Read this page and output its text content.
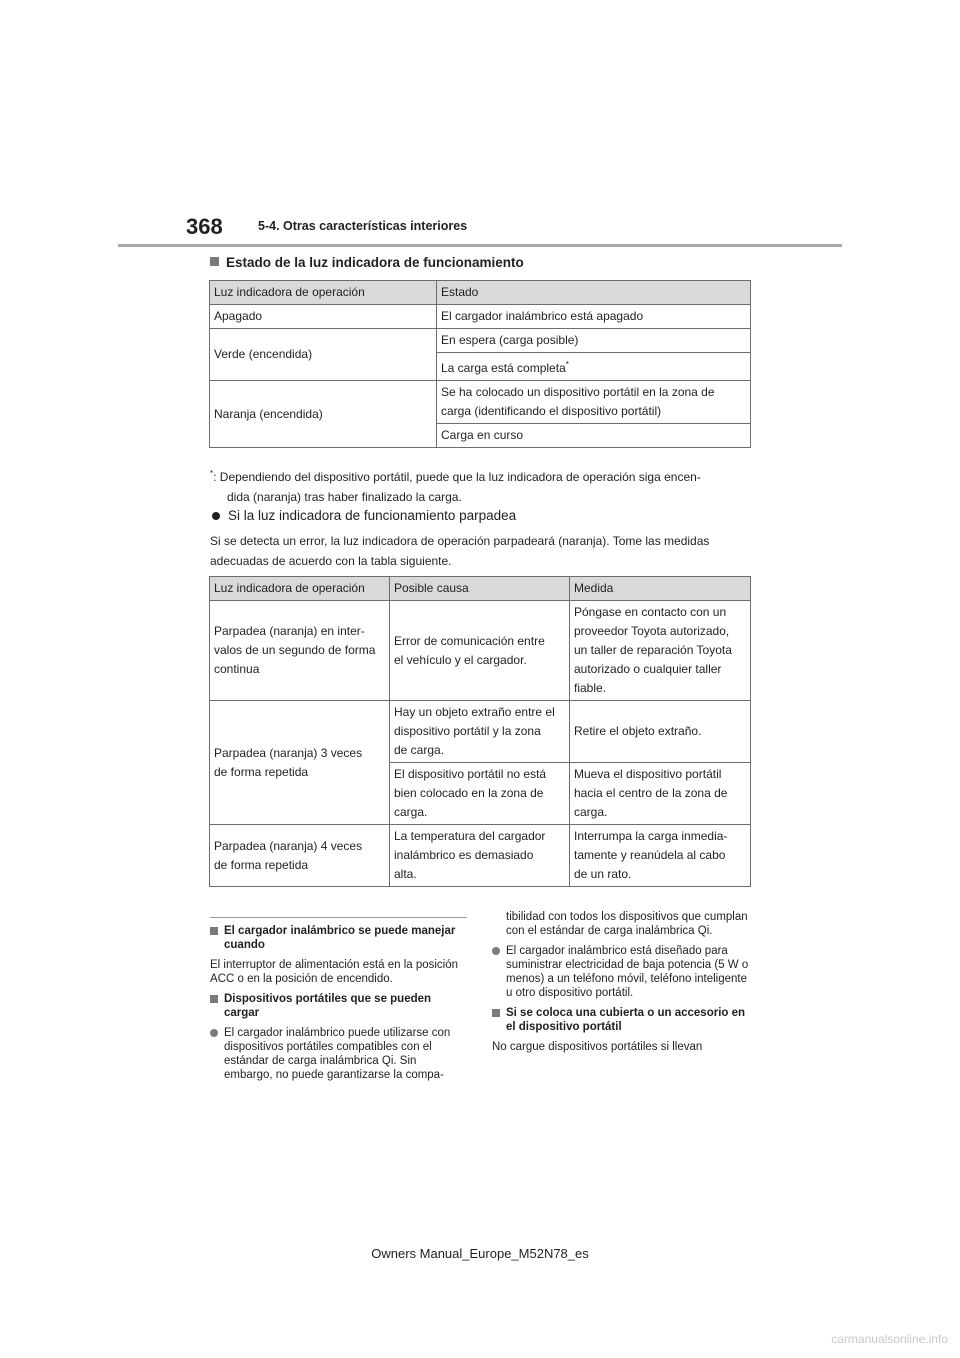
368	5-4. Otras características interiores
Estado de la luz indicadora de funcionamiento
Luz indicadora de operación	Estado
Apagado	El cargador inalámbrico está apagado
Verde (encendida)	En espera (carga posible)
	La carga está completa*
Naranja (encendida)	Se ha colocado un dispositivo portátil en la zona de
carga (identificando el dispositivo portátil)
	Carga en curso
*: Dependiendo del dispositivo portátil, puede que la luz indicadora de operación siga encen-
dida (naranja) tras haber finalizado la carga.
Si la luz indicadora de funcionamiento parpadea
Si se detecta un error, la luz indicadora de operación parpadeará (naranja). Tome las medidas
adecuadas de acuerdo con la tabla siguiente.
Luz indicadora de operación	Posible causa	Medida
Parpadea (naranja) en inter-
valos de un segundo de forma
continua	Error de comunicación entre
el vehículo y el cargador.	Póngase en contacto con un
proveedor Toyota autorizado,
un taller de reparación Toyota
autorizado o cualquier taller
fiable.
Parpadea (naranja) 3 veces
de forma repetida	Hay un objeto extraño entre el
dispositivo portátil y la zona
de carga.	Retire el objeto extraño.
	El dispositivo portátil no está
bien colocado en la zona de
carga.	Mueva el dispositivo portátil
hacia el centro de la zona de
carga.
Parpadea (naranja) 4 veces
de forma repetida	La temperatura del cargador
inalámbrico es demasiado
alta.	Interrumpa la carga inmedia-
tamente y reanúdela al cabo
de un rato.
El cargador inalámbrico se puede manejar cuando
El interruptor de alimentación está en la posición ACC o en la posición de encendido.
Dispositivos portátiles que se pueden cargar
El cargador inalámbrico puede utilizarse con dispositivos portátiles compatibles con el estándar de carga inalámbrica Qi. Sin embargo, no puede garantizarse la compa-
tibilidad con todos los dispositivos que cumplan con el estándar de carga inalámbrica Qi.
El cargador inalámbrico está diseñado para suministrar electricidad de baja potencia (5 W o menos) a un teléfono móvil, teléfono inteligente u otro dispositivo portátil.
Si se coloca una cubierta o un accesorio en el dispositivo portátil
No cargue dispositivos portátiles si llevan
Owners Manual_Europe_M52N78_es
carmanualsonline.info
